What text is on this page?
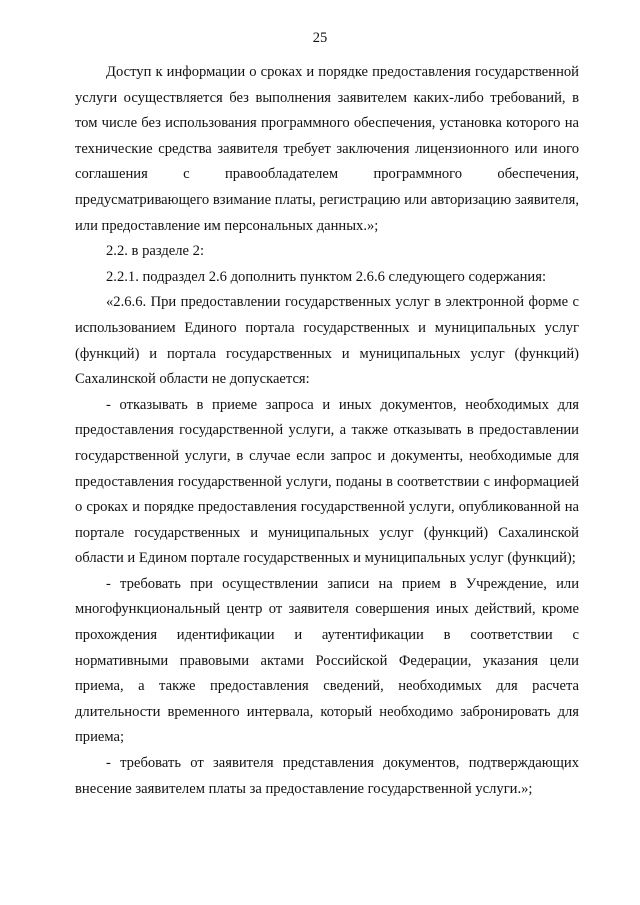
25

Доступ к информации о сроках и порядке предоставления государственной услуги осуществляется без выполнения заявителем каких-либо требований, в том числе без использования программного обеспечения, установка которого на технические средства заявителя требует заключения лицензионного или иного соглашения с правообладателем программного обеспечения, предусматривающего взимание платы, регистрацию или авторизацию заявителя, или предоставление им персональных данных.»;

2.2. в разделе 2:

2.2.1. подраздел 2.6 дополнить пунктом 2.6.6 следующего содержания:

«2.6.6. При предоставлении государственных услуг в электронной форме с использованием Единого портала государственных и муниципальных услуг (функций) и портала государственных и муниципальных услуг (функций) Сахалинской области не допускается:

- отказывать в приеме запроса и иных документов, необходимых для предоставления государственной услуги, а также отказывать в предоставлении государственной услуги, в случае если запрос и документы, необходимые для предоставления государственной услуги, поданы в соответствии с информацией о сроках и порядке предоставления государственной услуги, опубликованной на портале государственных и муниципальных услуг (функций) Сахалинской области и Едином портале государственных и муниципальных услуг (функций);

- требовать при осуществлении записи на прием в Учреждение, или многофункциональный центр от заявителя совершения иных действий, кроме прохождения идентификации и аутентификации в соответствии с нормативными правовыми актами Российской Федерации, указания цели приема, а также предоставления сведений, необходимых для расчета длительности временного интервала, который необходимо забронировать для приема;

- требовать от заявителя представления документов, подтверждающих внесение заявителем платы за предоставление государственной услуги.»;
